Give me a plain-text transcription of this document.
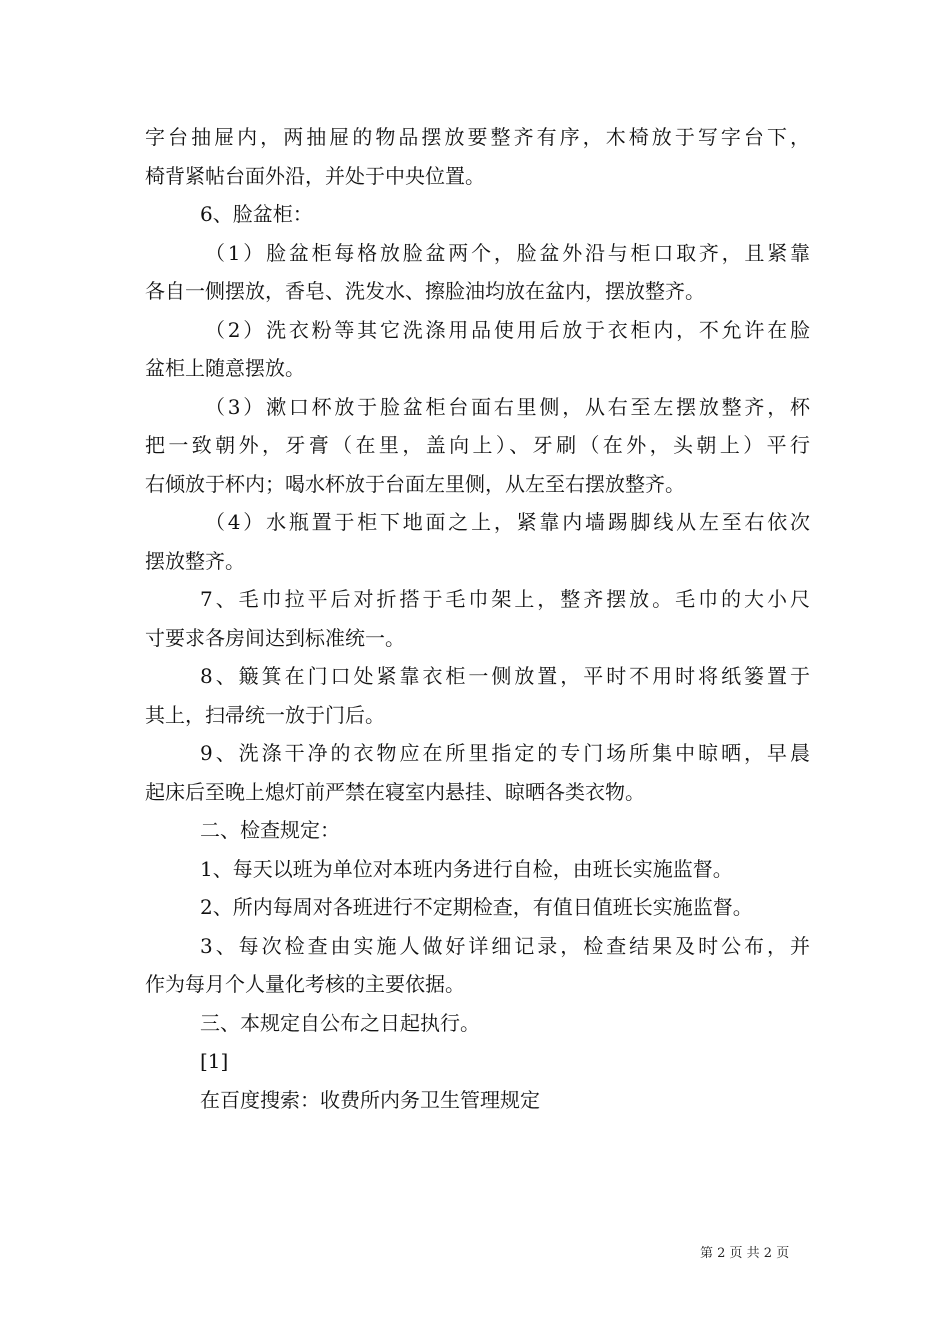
字台抽屉内，两抽屉的物品摆放要整齐有序，木椅放于写字台下，
椅背紧帖台面外沿，并处于中央位置。
6、脸盆柜：
（1）脸盆柜每格放脸盆两个，脸盆外沿与柜口取齐，且紧靠
各自一侧摆放，香皂、洗发水、擦脸油均放在盆内，摆放整齐。
（2）洗衣粉等其它洗涤用品使用后放于衣柜内，不允许在脸
盆柜上随意摆放。
（3）漱口杯放于脸盆柜台面右里侧，从右至左摆放整齐，杯
把一致朝外，牙膏（在里，盖向上）、牙刷（在外，头朝上）平行
右倾放于杯内；喝水杯放于台面左里侧，从左至右摆放整齐。
（4）水瓶置于柜下地面之上，紧靠内墙踢脚线从左至右依次
摆放整齐。
7、毛巾拉平后对折搭于毛巾架上，整齐摆放。毛巾的大小尺
寸要求各房间达到标准统一。
8、簸箕在门口处紧靠衣柜一侧放置，平时不用时将纸篓置于
其上，扫帚统一放于门后。
9、洗涤干净的衣物应在所里指定的专门场所集中晾晒，早晨
起床后至晚上熄灯前严禁在寝室内悬挂、晾晒各类衣物。
二、检查规定：
1、每天以班为单位对本班内务进行自检，由班长实施监督。
2、所内每周对各班进行不定期检查，有值日值班长实施监督。
3、每次检查由实施人做好详细记录，检查结果及时公布，并
作为每月个人量化考核的主要依据。
三、本规定自公布之日起执行。
[1]
在百度搜索：收费所内务卫生管理规定
第 2 页 共 2 页
